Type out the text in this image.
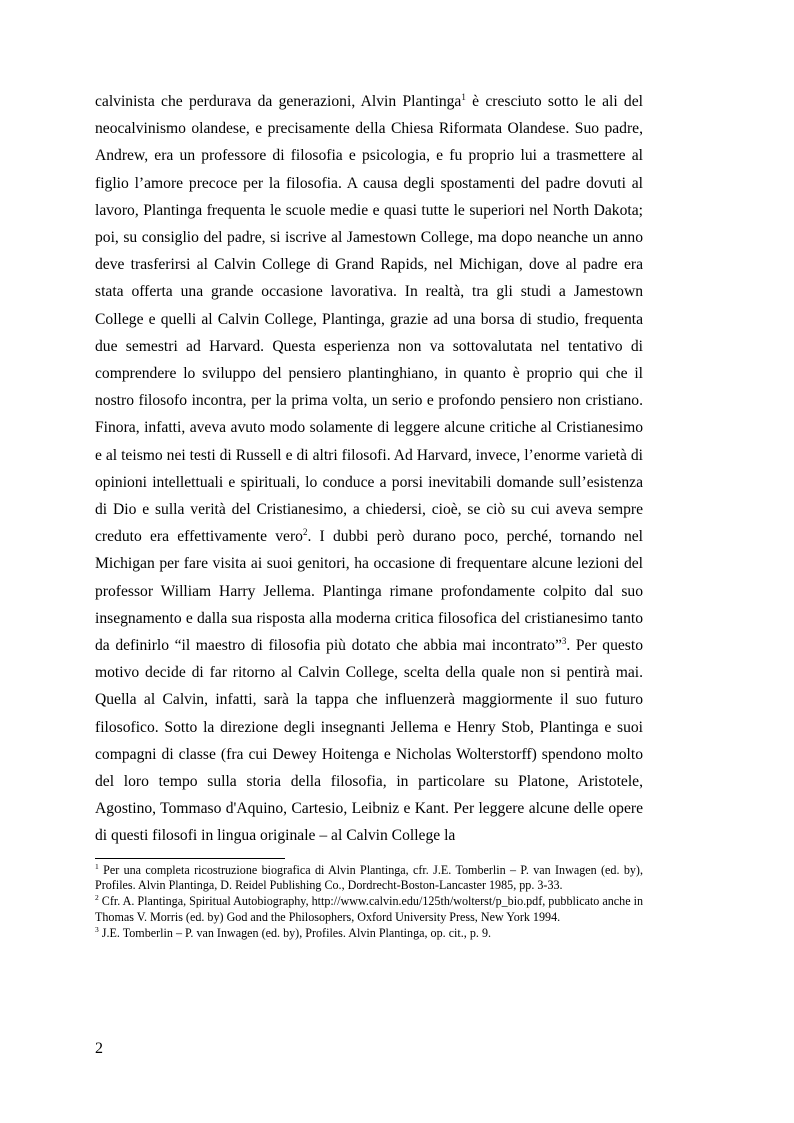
calvinista che perdurava da generazioni, Alvin Plantinga$^1$ è cresciuto sotto le ali del neocalvinismo olandese, e precisamente della Chiesa Riformata Olandese. Suo padre, Andrew, era un professore di filosofia e psicologia, e fu proprio lui a trasmettere al figlio l’amore precoce per la filosofia. A causa degli spostamenti del padre dovuti al lavoro, Plantinga frequenta le scuole medie e quasi tutte le superiori nel North Dakota; poi, su consiglio del padre, si iscrive al Jamestown College, ma dopo neanche un anno deve trasferirsi al Calvin College di Grand Rapids, nel Michigan, dove al padre era stata offerta una grande occasione lavorativa. In realtà, tra gli studi a Jamestown College e quelli al Calvin College, Plantinga, grazie ad una borsa di studio, frequenta due semestri ad Harvard. Questa esperienza non va sottovalutata nel tentativo di comprendere lo sviluppo del pensiero plantinghiano, in quanto è proprio qui che il nostro filosofo incontra, per la prima volta, un serio e profondo pensiero non cristiano. Finora, infatti, aveva avuto modo solamente di leggere alcune critiche al Cristianesimo e al teismo nei testi di Russell e di altri filosofi. Ad Harvard, invece, l’enorme varietà di opinioni intellettuali e spirituali, lo conduce a porsi inevitabili domande sull’esistenza di Dio e sulla verità del Cristianesimo, a chiedersi, cioè, se ciò su cui aveva sempre creduto era effettivamente vero$^2$. I dubbi però durano poco, perché, tornando nel Michigan per fare visita ai suoi genitori, ha occasione di frequentare alcune lezioni del professor William Harry Jellema. Plantinga rimane profondamente colpito dal suo insegnamento e dalla sua risposta alla moderna critica filosofica del cristianesimo tanto da definirlo “il maestro di filosofia più dotato che abbia mai incontrato”$^3$. Per questo motivo decide di far ritorno al Calvin College, scelta della quale non si pentirà mai. Quella al Calvin, infatti, sarà la tappa che influenzerà maggiormente il suo futuro filosofico. Sotto la direzione degli insegnanti Jellema e Henry Stob, Plantinga e suoi compagni di classe (fra cui Dewey Hoitenga e Nicholas Wolterstorff) spendono molto del loro tempo sulla storia della filosofia, in particolare su Platone, Aristotele, Agostino, Tommaso d'Aquino, Cartesio, Leibniz e Kant. Per leggere alcune delle opere di questi filosofi in lingua originale – al Calvin College la

$^1$ Per una completa ricostruzione biografica di Alvin Plantinga, cfr. J.E. Tomberlin – P. van Inwagen (ed. by), Profiles. Alvin Plantinga, D. Reidel Publishing Co., Dordrecht-Boston-Lancaster 1985, pp. 3-33.

$^2$ Cfr. A. Plantinga, Spiritual Autobiography, http://www.calvin.edu/125th/wolterst/p_bio.pdf, pubblicato anche in Thomas V. Morris (ed. by) God and the Philosophers, Oxford University Press, New York 1994.

$^3$ J.E. Tomberlin – P. van Inwagen (ed. by), Profiles. Alvin Plantinga, op. cit., p. 9.

2
